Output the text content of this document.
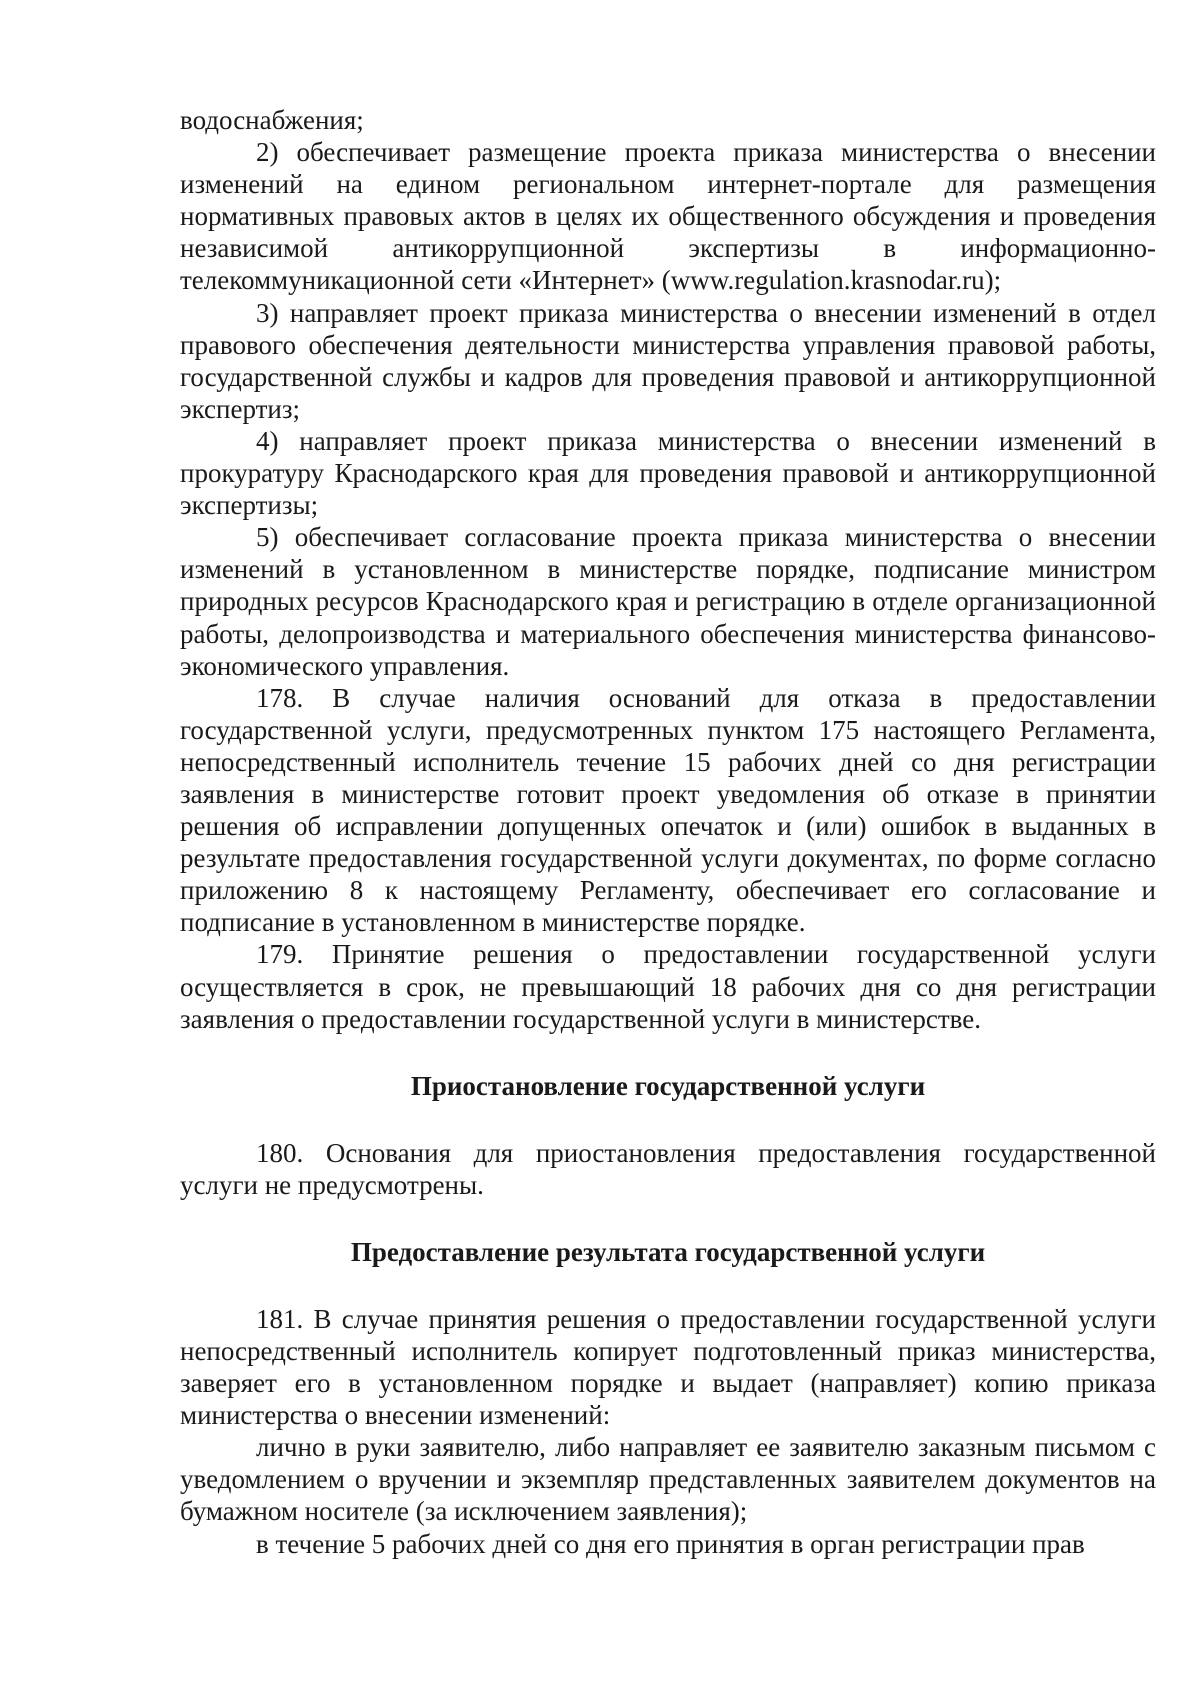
водоснабжения;

2) обеспечивает размещение проекта приказа министерства о внесении изменений на едином региональном интернет-портале для размещения нормативных правовых актов в целях их общественного обсуждения и проведения независимой антикоррупционной экспертизы в информационно-телекоммуникационной сети «Интернет» (www.regulation.krasnodar.ru);

3) направляет проект приказа министерства о внесении изменений в отдел правового обеспечения деятельности министерства управления правовой работы, государственной службы и кадров для проведения правовой и антикоррупционной экспертиз;

4) направляет проект приказа министерства о внесении изменений в прокуратуру Краснодарского края для проведения правовой и антикоррупционной экспертизы;

5) обеспечивает согласование проекта приказа министерства о внесении изменений в установленном в министерстве порядке, подписание министром природных ресурсов Краснодарского края и регистрацию в отделе организационной работы, делопроизводства и материального обеспечения министерства финансово-экономического управления.

178. В случае наличия оснований для отказа в предоставлении государственной услуги, предусмотренных пунктом 175 настоящего Регламента, непосредственный исполнитель течение 15 рабочих дней со дня регистрации заявления в министерстве готовит проект уведомления об отказе в принятии решения об исправлении допущенных опечаток и (или) ошибок в выданных в результате предоставления государственной услуги документах, по форме согласно приложению 8 к настоящему Регламенту, обеспечивает его согласование и подписание в установленном в министерстве порядке.

179. Принятие решения о предоставлении государственной услуги осуществляется в срок, не превышающий 18 рабочих дня со дня регистрации заявления о предоставлении государственной услуги в министерстве.

Приостановление государственной услуги

180. Основания для приостановления предоставления государственной услуги не предусмотрены.

Предоставление результата государственной услуги

181. В случае принятия решения о предоставлении государственной услуги непосредственный исполнитель копирует подготовленный приказ министерства, заверяет его в установленном порядке и выдает (направляет) копию приказа министерства о внесении изменений:

лично в руки заявителю, либо направляет ее заявителю заказным письмом с уведомлением о вручении и экземпляр представленных заявителем документов на бумажном носителе (за исключением заявления);

в течение 5 рабочих дней со дня его принятия в орган регистрации прав
